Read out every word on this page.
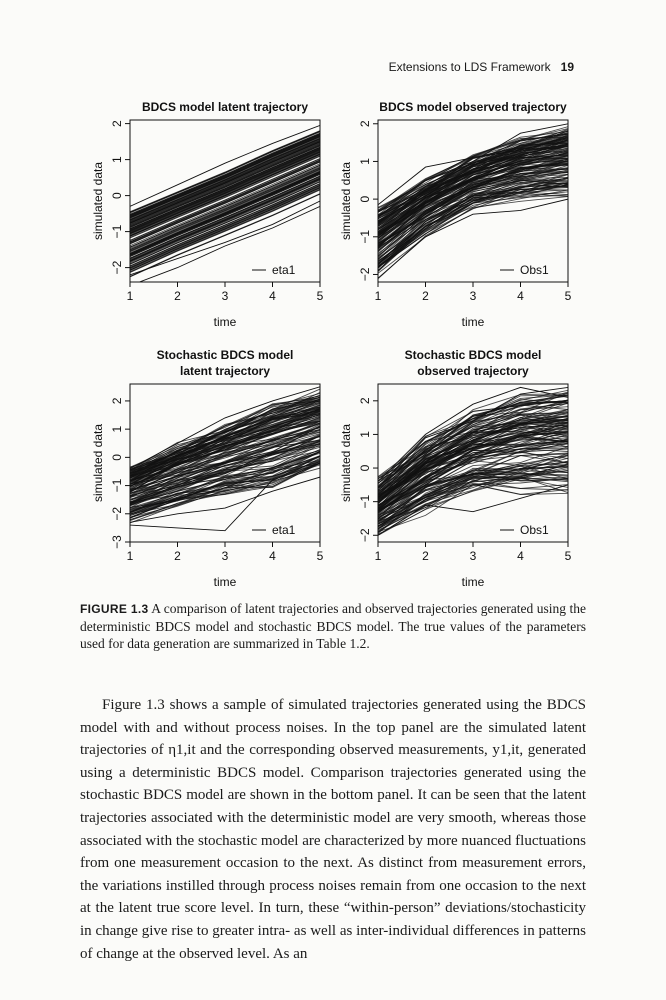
Extensions to LDS Framework 19
BDCS model latent trajectory
1	2	3	4	5
time
−2
−1
0
1
2
simulated data
eta1
BDCS model observed trajectory
1	2	3	4	5
time
−2
−1
0
1
2
simulated data
Obs1
Stochastic BDCS model
latent trajectory
1	2	3	4	5
time
−3
−2
−1
0
1
2
simulated data
eta1
Stochastic BDCS model
observed trajectory
1	2	3	4	5
time
−2
−1
0
1
2
simulated data
Obs1
FIGURE 1.3 A comparison of latent trajectories and observed trajectories generated using the deterministic BDCS model and stochastic BDCS model. The true values of the parameters used for data generation are summarized in Table 1.2.

Figure 1.3 shows a sample of simulated trajectories generated using the BDCS model with and without process noises. In the top panel are the simulated latent trajectories of η1,it and the corresponding observed measurements, y1,it, generated using a deterministic BDCS model. Comparison trajectories generated using the stochastic BDCS model are shown in the bottom panel. It can be seen that the latent trajectories associated with the deterministic model are very smooth, whereas those associated with the stochastic model are characterized by more nuanced fluctuations from one measurement occasion to the next. As distinct from measurement errors, the variations instilled through process noises remain from one occasion to the next at the latent true score level. In turn, these “within-person” deviations/stochasticity in change give rise to greater intra- as well as inter-individual differences in patterns of change at the observed level. As an
